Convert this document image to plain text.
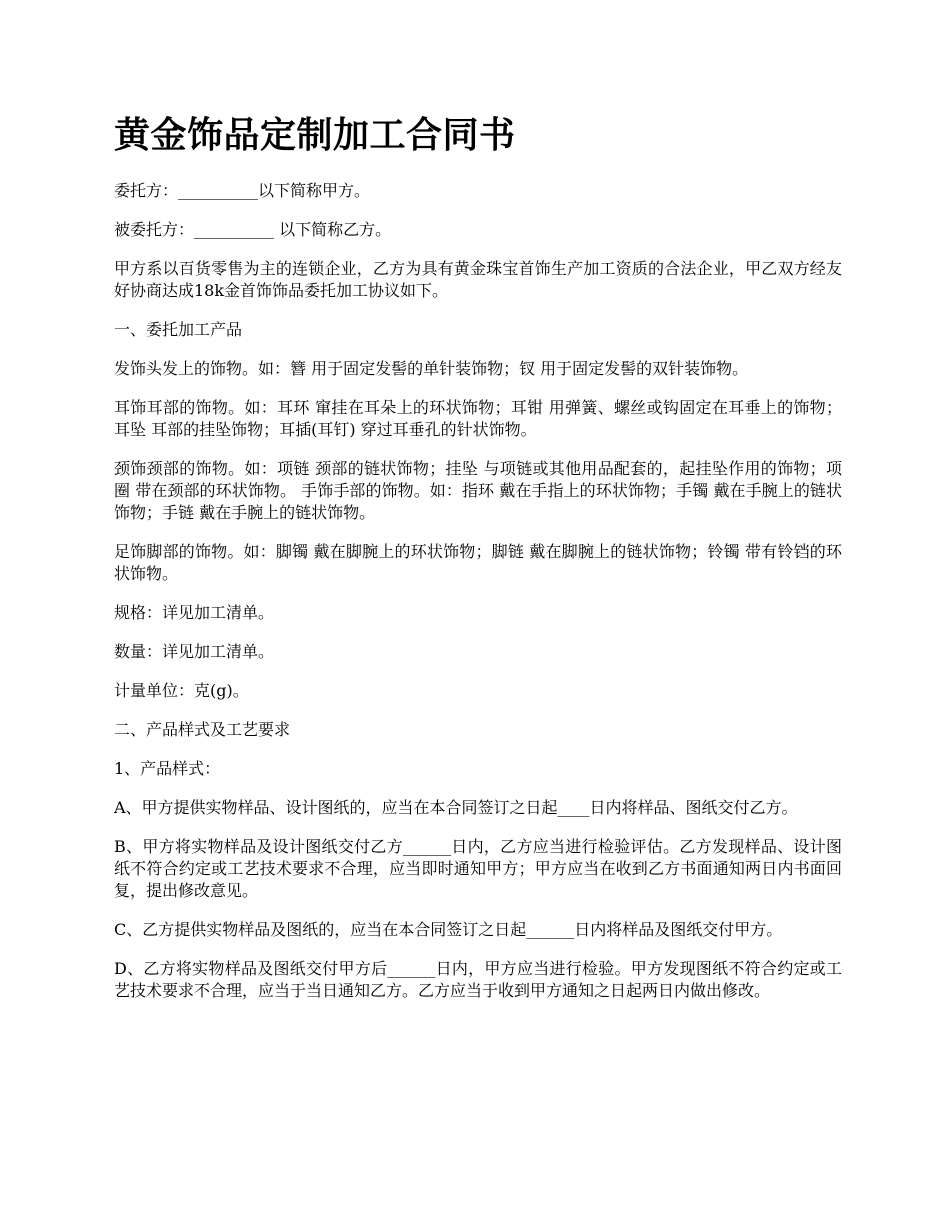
黄金饰品定制加工合同书

委托方：__________以下简称甲方。

被委托方：__________ 以下简称乙方。

甲方系以百货零售为主的连锁企业，乙方为具有黄金珠宝首饰生产加工资质的合法企业，甲乙双方经友好协商达成18k金首饰饰品委托加工协议如下。

一、委托加工产品

发饰头发上的饰物。如：簪 用于固定发髻的单针装饰物；钗 用于固定发髻的双针装饰物。

耳饰耳部的饰物。如：耳环 窜挂在耳朵上的环状饰物；耳钳 用弹簧、螺丝或钩固定在耳垂上的饰物；耳坠 耳部的挂坠饰物；耳插(耳钉) 穿过耳垂孔的针状饰物。

颈饰颈部的饰物。如：项链 颈部的链状饰物；挂坠 与项链或其他用品配套的，起挂坠作用的饰物；项圈 带在颈部的环状饰物。 手饰手部的饰物。如：指环 戴在手指上的环状饰物；手镯 戴在手腕上的链状饰物；手链 戴在手腕上的链状饰物。

足饰脚部的饰物。如：脚镯 戴在脚腕上的环状饰物；脚链 戴在脚腕上的链状饰物；铃镯 带有铃铛的环状饰物。

规格：详见加工清单。

数量：详见加工清单。

计量单位：克(g)。

二、产品样式及工艺要求

1、产品样式：

A、甲方提供实物样品、设计图纸的，应当在本合同签订之日起____日内将样品、图纸交付乙方。

B、甲方将实物样品及设计图纸交付乙方______日内，乙方应当进行检验评估。乙方发现样品、设计图纸不符合约定或工艺技术要求不合理，应当即时通知甲方；甲方应当在收到乙方书面通知两日内书面回复，提出修改意见。

C、乙方提供实物样品及图纸的，应当在本合同签订之日起______日内将样品及图纸交付甲方。

D、乙方将实物样品及图纸交付甲方后______日内，甲方应当进行检验。甲方发现图纸不符合约定或工艺技术要求不合理，应当于当日通知乙方。乙方应当于收到甲方通知之日起两日内做出修改。
